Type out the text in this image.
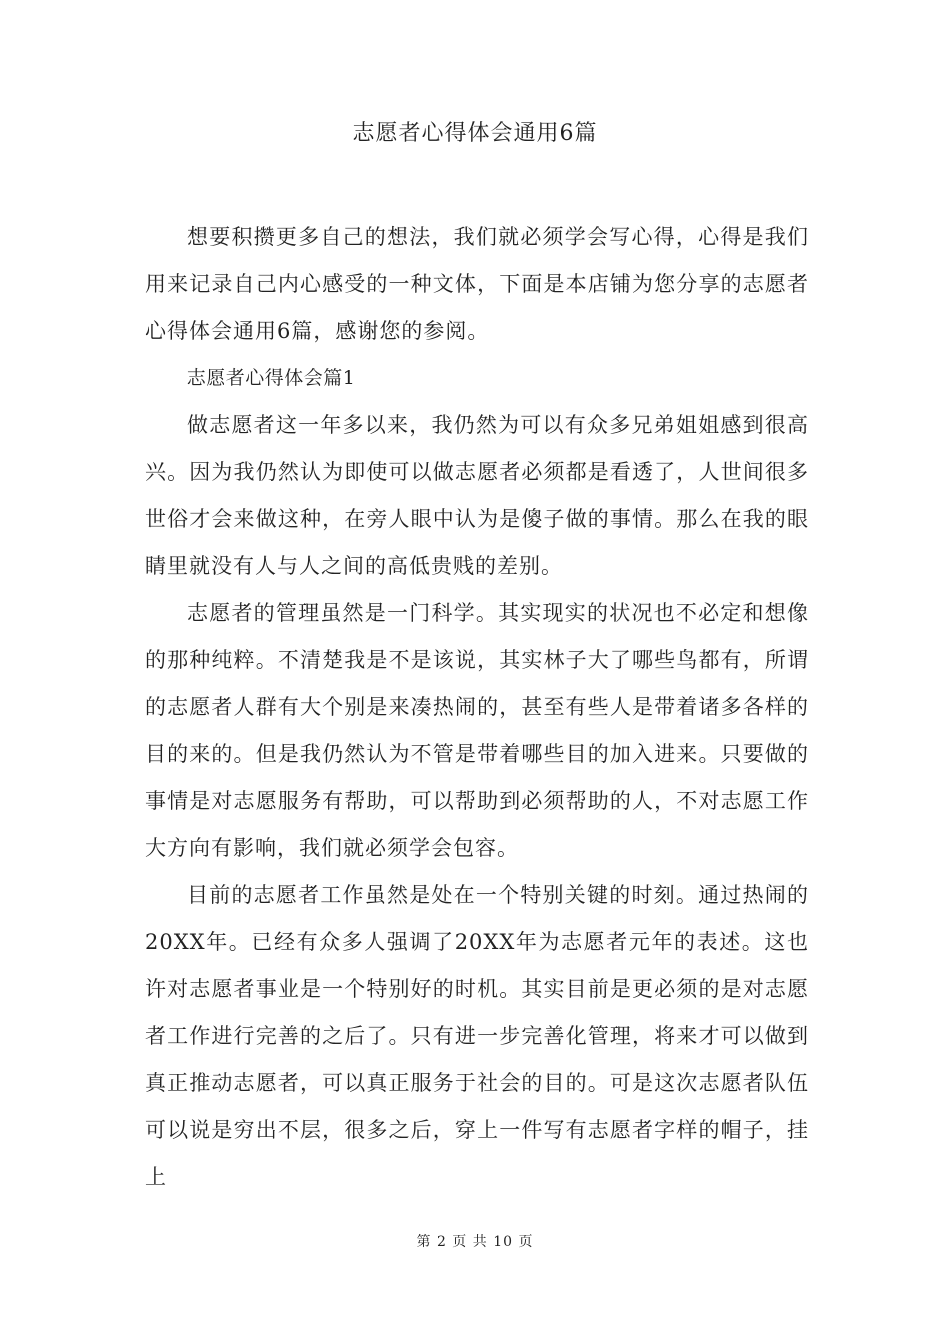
志愿者心得体会通用6篇

想要积攒更多自己的想法，我们就必须学会写心得，心得是我们用来记录自己内心感受的一种文体，下面是本店铺为您分享的志愿者心得体会通用6篇，感谢您的参阅。

志愿者心得体会篇1

做志愿者这一年多以来，我仍然为可以有众多兄弟姐姐感到很高兴。因为我仍然认为即使可以做志愿者必须都是看透了，人世间很多世俗才会来做这种，在旁人眼中认为是傻子做的事情。那么在我的眼睛里就没有人与人之间的高低贵贱的差别。

志愿者的管理虽然是一门科学。其实现实的状况也不必定和想像的那种纯粹。不清楚我是不是该说，其实林子大了哪些鸟都有，所谓的志愿者人群有大个别是来凑热闹的，甚至有些人是带着诸多各样的目的来的。但是我仍然认为不管是带着哪些目的加入进来。只要做的事情是对志愿服务有帮助，可以帮助到必须帮助的人，不对志愿工作大方向有影响，我们就必须学会包容。

目前的志愿者工作虽然是处在一个特别关键的时刻。通过热闹的20XX年。已经有众多人强调了20XX年为志愿者元年的表述。这也许对志愿者事业是一个特别好的时机。其实目前是更必须的是对志愿者工作进行完善的之后了。只有进一步完善化管理，将来才可以做到真正推动志愿者，可以真正服务于社会的目的。可是这次志愿者队伍可以说是穷出不层，很多之后，穿上一件写有志愿者字样的帽子，挂上

第 2 页 共 10 页
